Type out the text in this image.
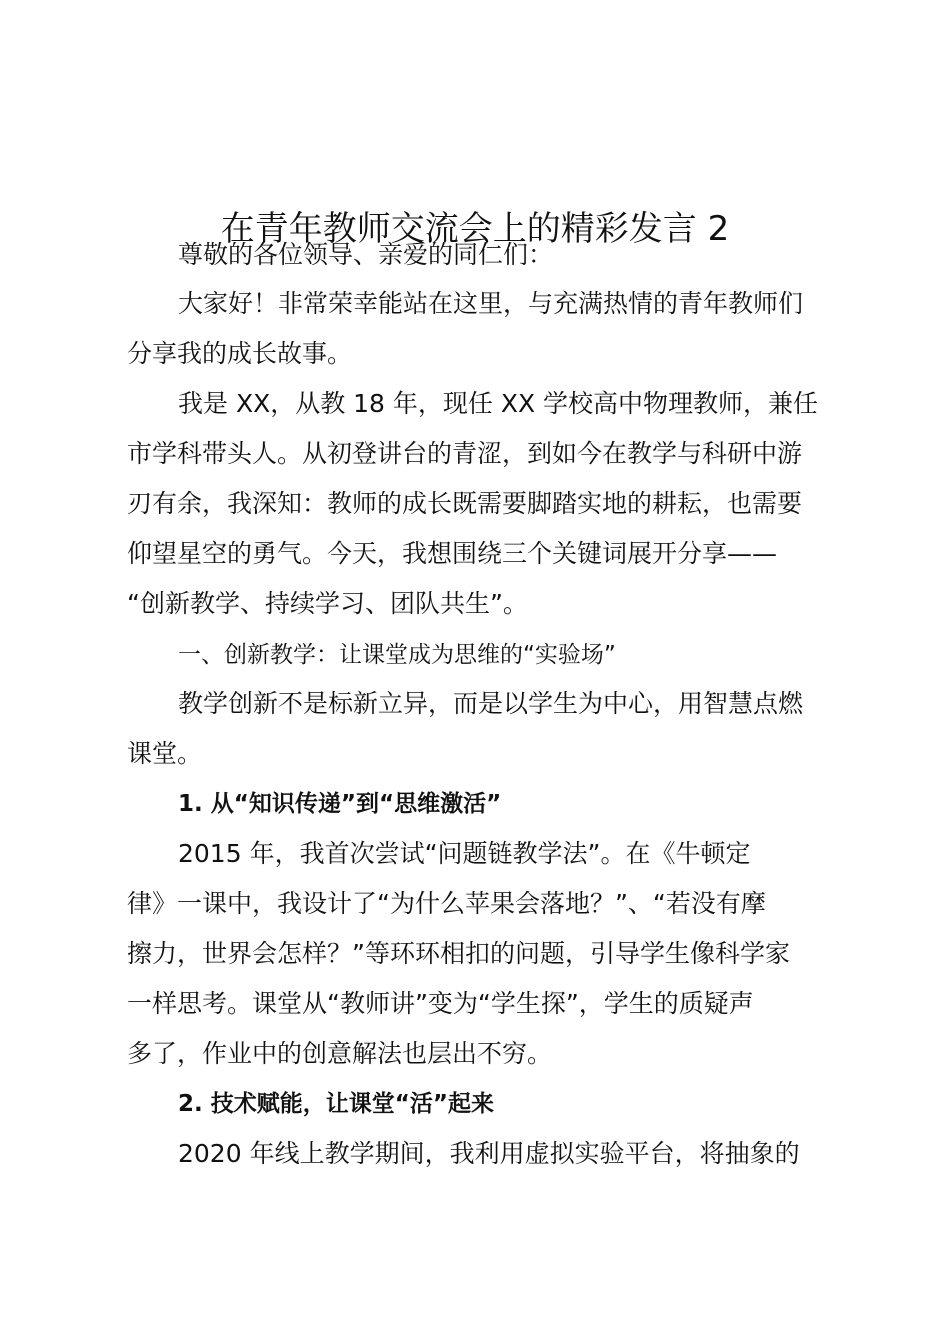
在青年教师交流会上的精彩发言 2
尊敬的各位领导、亲爱的同仁们：
大家好！非常荣幸能站在这里，与充满热情的青年教师们
分享我的成长故事。
我是 XX，从教 18 年，现任 XX 学校高中物理教师，兼任
市学科带头人。从初登讲台的青涩，到如今在教学与科研中游
刃有余，我深知：教师的成长既需要脚踏实地的耕耘，也需要
仰望星空的勇气。今天，我想围绕三个关键词展开分享——
“创新教学、持续学习、团队共生”。
一、创新教学：让课堂成为思维的“实验场”
教学创新不是标新立异，而是以学生为中心，用智慧点燃
课堂。
1. 从“知识传递”到“思维激活”
2015 年，我首次尝试“问题链教学法”。在《牛顿定
律》一课中，我设计了“为什么苹果会落地？”、“若没有摩
擦力，世界会怎样？”等环环相扣的问题，引导学生像科学家
一样思考。课堂从“教师讲”变为“学生探”，学生的质疑声
多了，作业中的创意解法也层出不穷。
2. 技术赋能，让课堂“活”起来
2020 年线上教学期间，我利用虚拟实验平台，将抽象的
